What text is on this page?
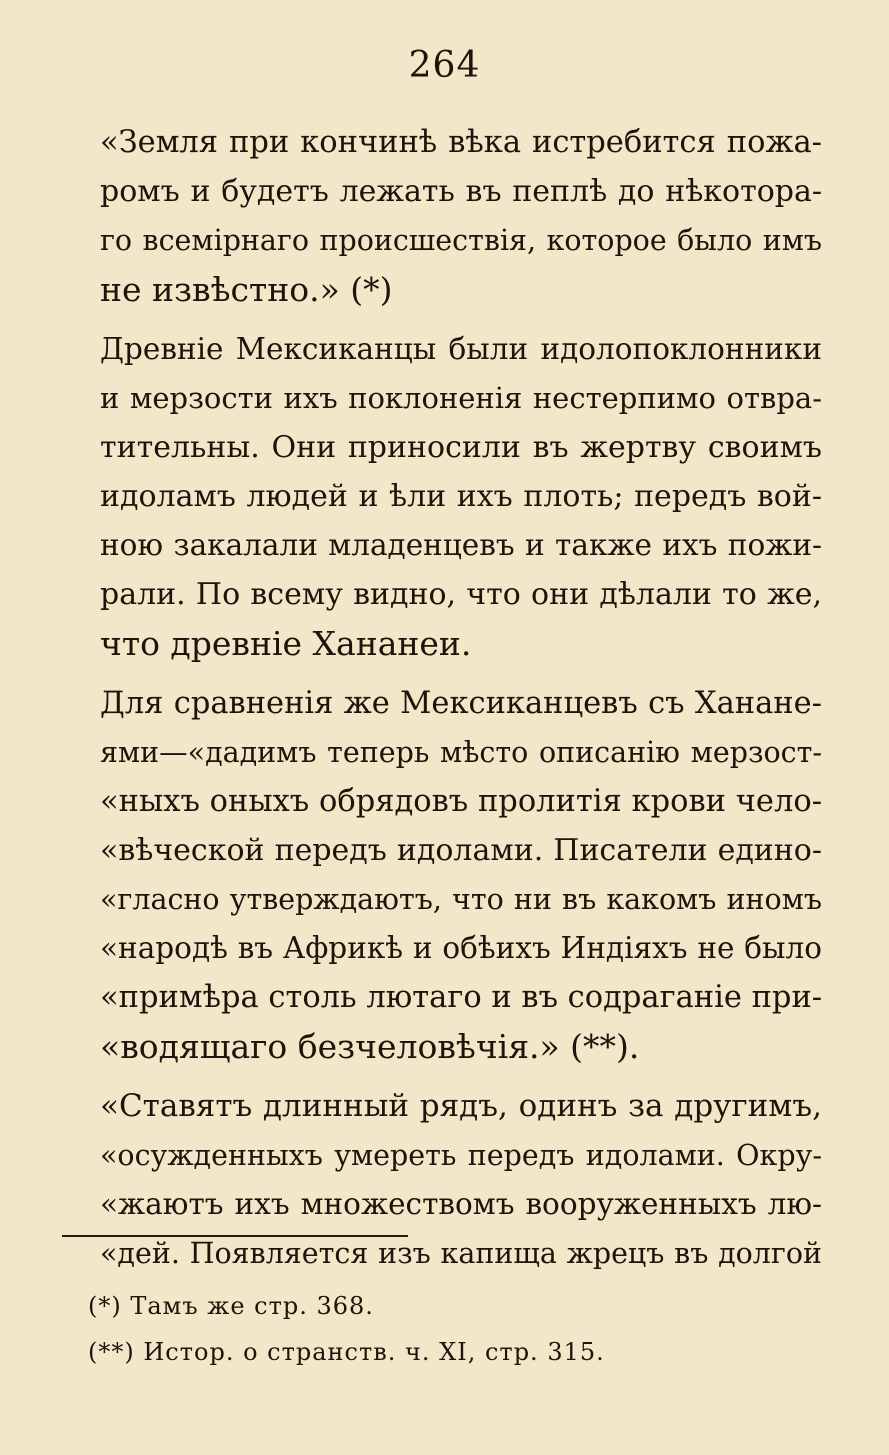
264
«Земля при кончинѣ вѣка истребится пожа-
ромъ и будетъ лежать въ пеплѣ до нѣкотора-
го всемiрнаго происшествiя, которое было имъ
не извѣстно.» (*)
Древнiе Мексиканцы были идолопоклонники
и мерзости ихъ поклоненiя нестерпимо отвра-
тительны. Они приносили въ жертву своимъ
идоламъ людей и ѣли ихъ плоть; передъ вой-
ною закалали младенцевъ и также ихъ пожи-
рали. По всему видно, что они дѣлали то же,
что древнiе Хананеи.
Для сравненiя же Мексиканцевъ съ Ханане-
ями—«дадимъ теперь мѣсто описанiю мерзост-
«ныхъ оныхъ обрядовъ пролитiя крови чело-
«вѣческой передъ идолами. Писатели едино-
«гласно утверждаютъ, что ни въ какомъ иномъ
«народѣ въ Африкѣ и обѣихъ Индiяхъ не было
«примѣра столь лютаго и въ содраганiе при-
«водящаго безчеловѣчiя.» (**).
«Ставятъ длинный рядъ, одинъ за другимъ,
«осужденныхъ умереть передъ идолами. Окру-
«жаютъ ихъ множествомъ вооруженныхъ лю-
«дей. Появляется изъ капища жрецъ въ долгой
(*) Тамъ же стр. 368.
(**) Истор. о странств. ч. XI, стр. 315.
